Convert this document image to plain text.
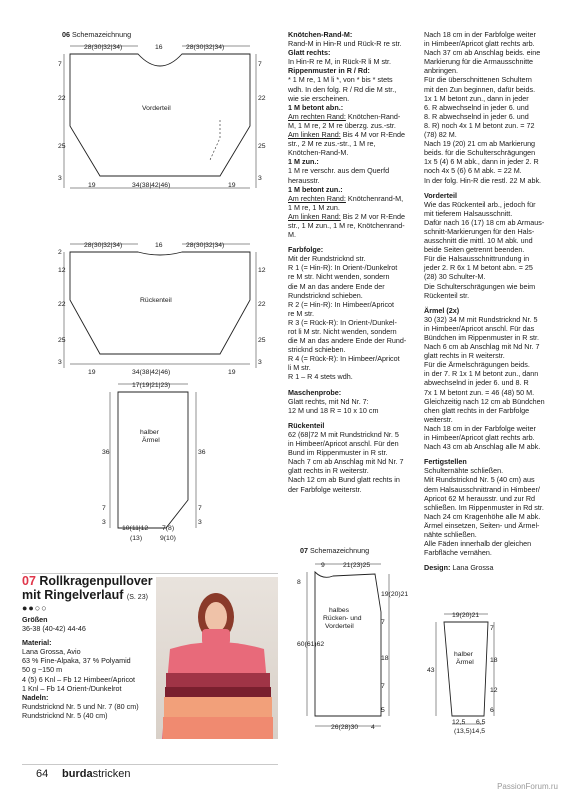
06 Schemazeichnung
28(30|32|34)	16	28(30|32|34)
7
22
25
3
7
22
25
3
Vorderteil
19	34(38|42|46)	19
28(30|32|34)	16	28(30|32|34)
2
12
22
25
3
12
22
25
3
Rückenteil
19	34(38|42|46)	19
17(19|21|23)
halber
Ärmel
36	36
7
3
7
3
10(11|12 7(8)
(13)	9(10)

Knötchen-Rand-M:

Rand-M in Hin-R und Rück-R re str.

Glatt rechts:

In Hin-R re M, in Rück-R li M str.

Rippenmuster in R / Rd:

* 1 M re, 1 M li *, von * bis * stets

wdh. In den folg. R / Rd die M str.,

wie sie erscheinen.

1 M betont abn.:

Am rechten Rand: Knötchen-Rand-

M, 1 M re, 2 M re überzg. zus.-str.

Am linken Rand: Bis 4 M vor R-Ende

str., 2 M re zus.-str., 1 M re,

Knötchen-Rand-M.

1 M zun.:

1 M re verschr. aus dem Querfd

herausstr.

1 M betont zun.:

Am rechten Rand: Knötchenrand-M,

1 M re, 1 M zun.

Am linken Rand: Bis 2 M vor R-Ende

str., 1 M zun., 1 M re, Knötchenrand-

M.

Farbfolge:

Mit der Rundstricknd str.

R 1 (= Hin-R): In Orient-/Dunkelrot

re M str. Nicht wenden, sondern

die M an das andere Ende der

Rundstricknd schieben.

R 2 (= Hin-R): In Himbeer/Apricot

re M str.

R 3 (= Rück-R): In Orient-/Dunkel-

rot li M str. Nicht wenden, sondern

die M an das andere Ende der Rund-

stricknd schieben.

R 4 (= Rück-R): In Himbeer/Apricot

li M str.

R 1 – R 4 stets wdh.

Maschenprobe:

Glatt rechts, mit Nd Nr. 7:

12 M und 18 R = 10 x 10 cm

Rückenteil

62 (68|72 M mit Rundstricknd Nr. 5

in Himbeer/Apricot anschl. Für den

Bund im Rippenmuster in R str.

Nach 7 cm ab Anschlag mit Nd Nr. 7

glatt rechts in R weiterstr.

Nach 12 cm ab Bund glatt rechts in

der Farbfolge weiterstr.

Nach 18 cm in der Farbfolge weiter

in Himbeer/Apricot glatt rechts arb.

Nach 37 cm ab Anschlag beids. eine

Markierung für die Armausschnitte

anbringen.

Für die überschnittenen Schultern

mit den Zun beginnen, dafür beids.

1x 1 M betont zun., dann in jeder

6. R abwechselnd in jeder 6. und

8. R abwechselnd in jeder 6. und

8. R) noch 4x 1 M betont zun. = 72

(78) 82 M.

Nach 19 (20) 21 cm ab Markierung

beids. für die Schulterschrägungen

1x 5 (4) 6 M abk., dann in jeder 2. R

noch 4x 5 (6) 6 M abk. = 22 M.

In der folg. Hin-R die restl. 22 M abk.

Vorderteil

Wie das Rückenteil arb., jedoch für

mit tieferem Halsausschnitt.

Dafür nach 16 (17) 18 cm ab Armaus-

schnitt-Markierungen für den Hals-

ausschnitt die mittl. 10 M abk. und

beide Seiten getrennt beenden.

Für die Halsausschnittrundung in

jeder 2. R 6x 1 M betont abn. = 25

(28) 30 Schulter-M.

Die Schulterschrägungen wie beim

Rückenteil str.

Ärmel (2x)

30 (32) 34 M mit Rundstricknd Nr. 5

in Himbeer/Apricot anschl. Für das

Bündchen im Rippenmuster in R str.

Nach 6 cm ab Anschlag mit Nd Nr. 7

glatt rechts in R weiterstr.

Für die Ärmelschrägungen beids.

in der 7. R 1x 1 M betont zun., dann

abwechselnd in jeder 6. und 8. R

7x 1 M betont zun. = 46 (48) 50 M.

Gleichzeitig nach 12 cm ab Bündchen

chen glatt rechts in der Farbfolge

weiterstr.

Nach 18 cm in der Farbfolge weiter

in Himbeer/Apricot glatt rechts arb.

Nach 43 cm ab Anschlag alle M abk.

Fertigstellen

Schulternähte schließen.

Mit Rundstricknd Nr. 5 (40 cm) aus

dem Halsausschnittrand in Himbeer/

Apricot 62 M herausstr. und zur Rd

schließen. Im Rippenmuster in Rd str.

Nach 24 cm Kragenhöhe alle M abk.

Ärmel einsetzen, Seiten- und Ärmel-

nähte schließen.

Alle Fäden innerhalb der gleichen

Farbfläche vernähen.

Design: Lana Grossa

07 Rollkragenpullover
mit Ringelverlauf (S. 23)
●●○○

Größen

36-38 (40-42) 44-46

Material:

Lana Grossa, Avio

63 % Fine-Alpaka, 37 % Polyamid

50 g ~150 m

4 (5) 6 Knl – Fb 12 Himbeer/Apricot

1 Knl – Fb 14 Orient-/Dunkelrot

Nadeln:

Rundstricknd Nr. 5 und Nr. 7 (80 cm)

Rundstricknd Nr. 5 (40 cm)

07 Schemazeichnung
9	21(23)25
8
60(61)62
halbes
Rücken- und
Vorderteil
19(20)21
7
18
7
5
26(28)30 4
19(20)21
halber
Ärmel
43
7
18
12
6
12,5 6,5
(13,5)14,5
64 burdastricken
PassionForum.ru
